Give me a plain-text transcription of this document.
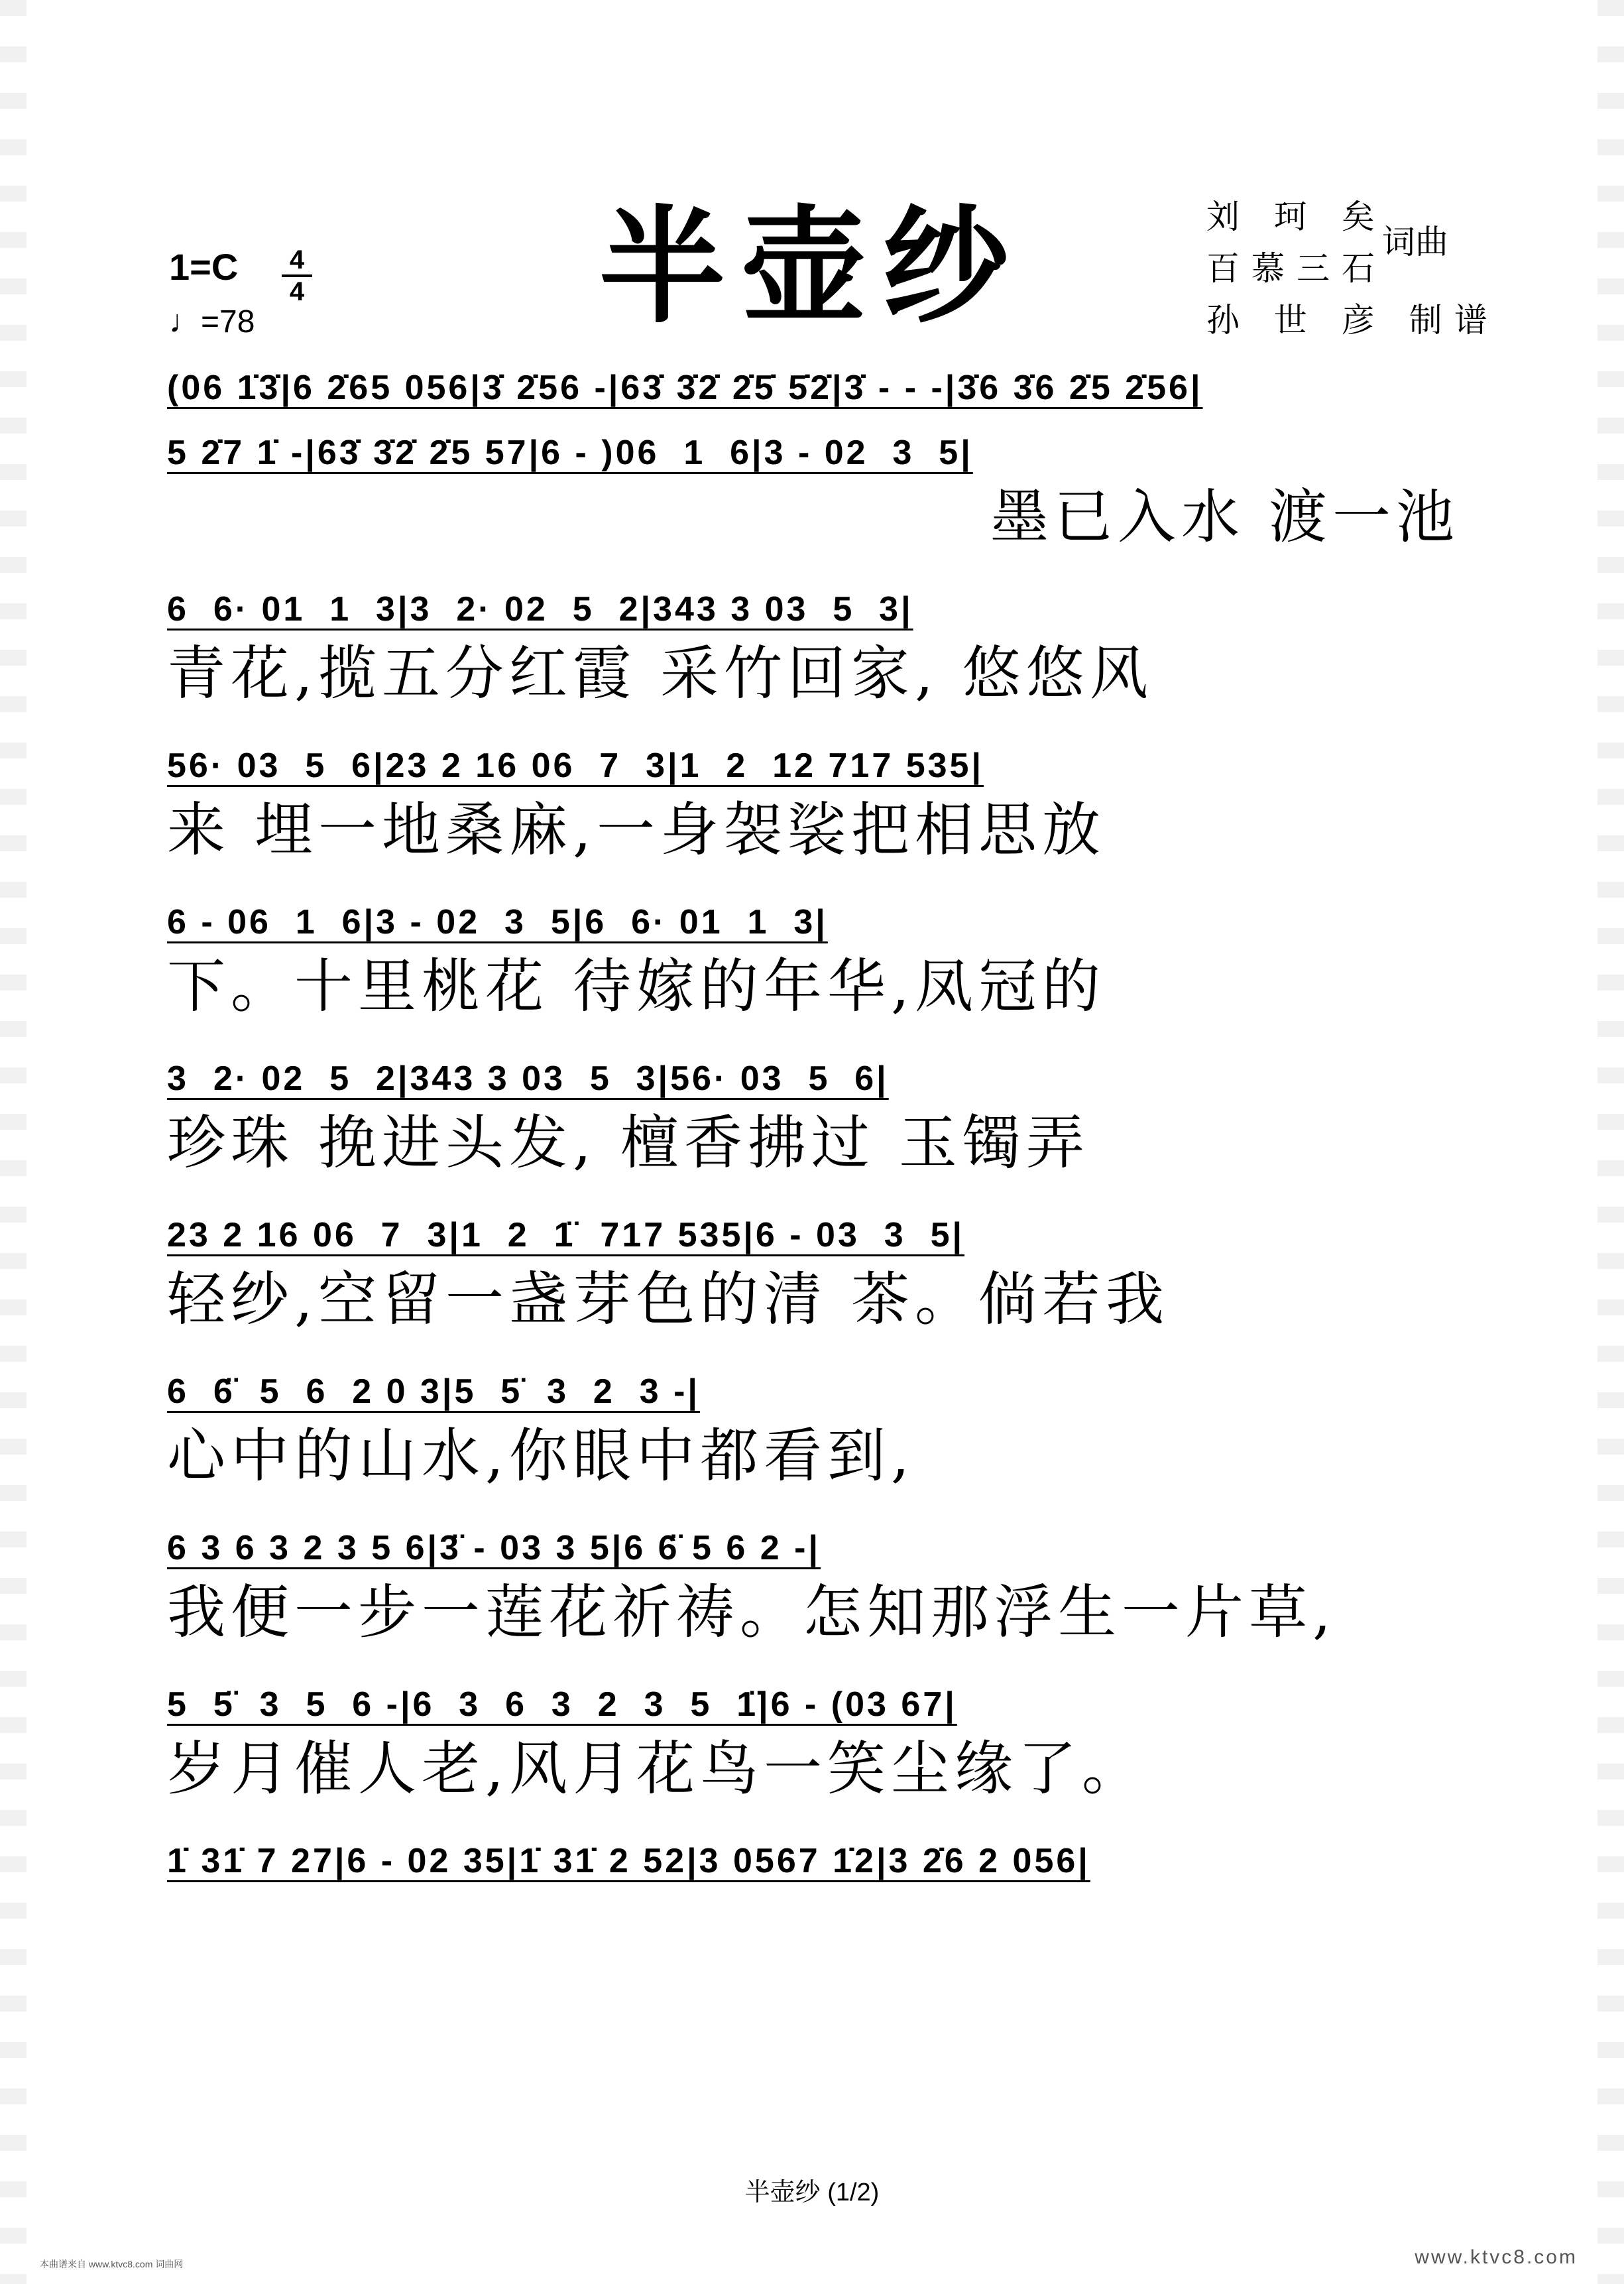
半壶纱
1=C 4
4
♩=78
刘 珂 矣
百慕三石
孙 世 彦 制谱
词曲
(06 1̇3̇|6 2̇65 056|3̇ 2̇56 -|63̇ 3̇2̇ 2̇5̇ 5̇2̇|3̇ - - -|3̇6 3̇6 2̇5 2̇56|
5 2̇7 1̇ -|63̇ 3̇2̇ 2̇5 57|6 - )06  1  6|3 - 02  3  5|
墨已入水 渡一池
6  6· 01  1  3|3  2· 02  5  2|343 3 03  5  3|
青花,揽五分红霞 采竹回家, 悠悠风
56· 03  5  6|23 2 16 06  7  3|1  2  12 717 535|
来 埋一地桑麻,一身袈裟把相思放
6 - 06  1  6|3 - 02  3  5|6  6· 01  1  3|
下。十里桃花 待嫁的年华,凤冠的
3  2· 02  5  2|343 3 03  5  3|56· 03  5  6|
珍珠 挽进头发, 檀香拂过 玉镯弄
23 2 16 06  7  3|1  2  1̈  717 535|6 - 03  3  5|
轻纱,空留一盏芽色的清 茶。倘若我
6  6̈  5  6  2 0 3|5  5̈  3  2  3 -|
心中的山水,你眼中都看到,
6 3 6 3 2 3 5 6|3̈ - 03 3 5|6 6̈ 5 6 2 -|
我便一步一莲花祈祷。怎知那浮生一片草,
5  5̈  3  5  6 -|6  3  6  3  2  3  5  1̈|6 - (03 67|
岁月催人老,风月花鸟一笑尘缘了。
1̇ 31̇ 7 27|6 - 02 35|1̇ 31̇ 2 52|3 0567 1̇2|3 2̇6 2 056|
半壶纱 (1/2)
本曲谱来自 www.ktvc8.com 词曲网	www.ktvc8.com
